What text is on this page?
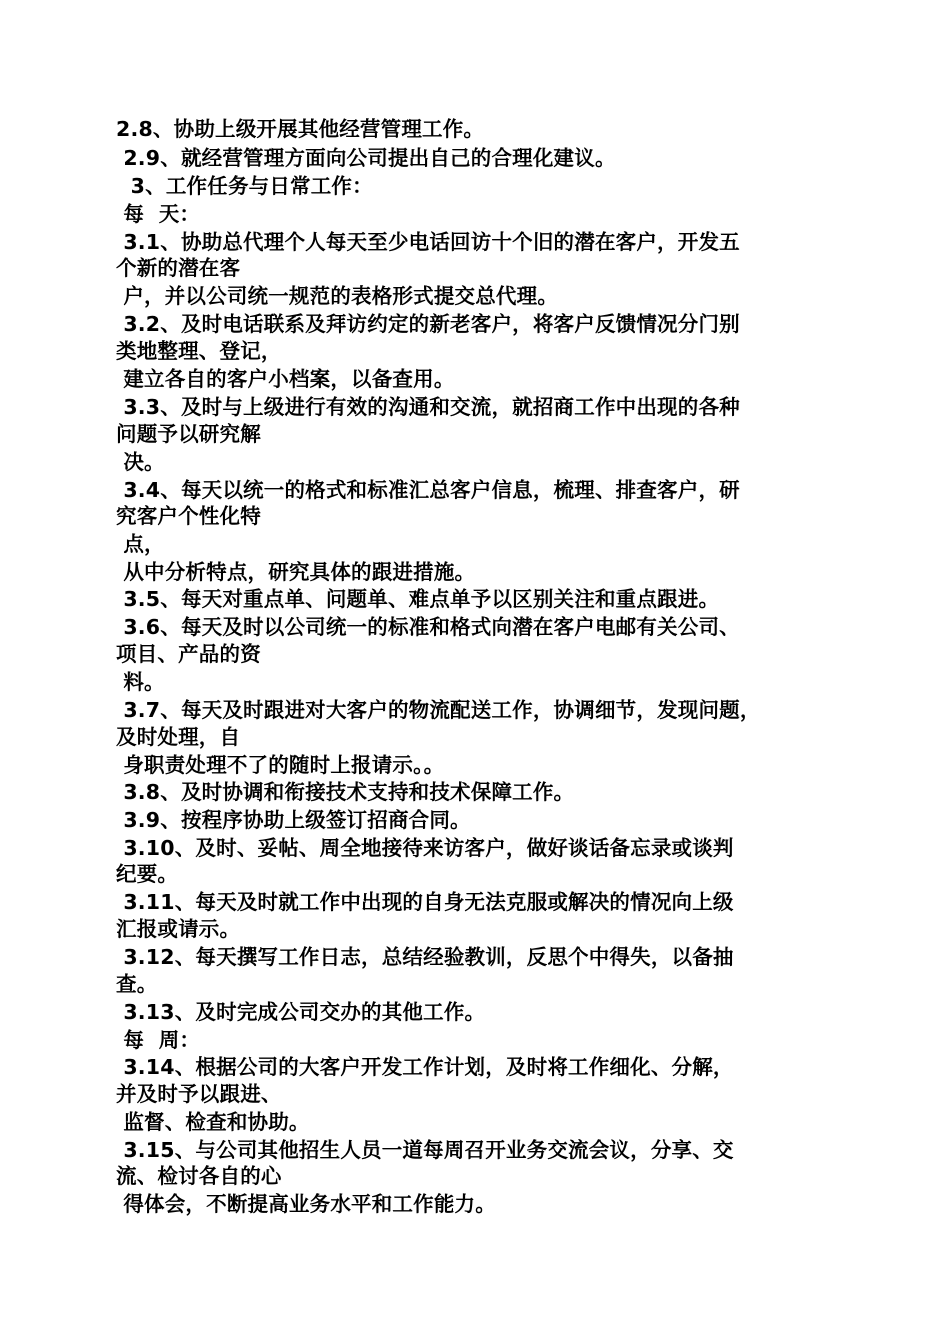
2.8、协助上级开展其他经营管理工作。
2.9、就经营管理方面向公司提出自己的合理化建议。
3、工作任务与日常工作：
每  天：
3.1、协助总代理个人每天至少电话回访十个旧的潜在客户，开发五
个新的潜在客
户，并以公司统一规范的表格形式提交总代理。
3.2、及时电话联系及拜访约定的新老客户，将客户反馈情况分门别
类地整理、登记，
建立各自的客户小档案，以备查用。
3.3、及时与上级进行有效的沟通和交流，就招商工作中出现的各种
问题予以研究解
决。
3.4、每天以统一的格式和标准汇总客户信息，梳理、排查客户，研
究客户个性化特
点，
从中分析特点，研究具体的跟进措施。
3.5、每天对重点单、问题单、难点单予以区别关注和重点跟进。
3.6、每天及时以公司统一的标准和格式向潜在客户电邮有关公司、
项目、产品的资
料。
3.7、每天及时跟进对大客户的物流配送工作，协调细节，发现问题，
及时处理，自
身职责处理不了的随时上报请示。。
3.8、及时协调和衔接技术支持和技术保障工作。
3.9、按程序协助上级签订招商合同。
3.10、及时、妥帖、周全地接待来访客户，做好谈话备忘录或谈判
纪要。
3.11、每天及时就工作中出现的自身无法克服或解决的情况向上级
汇报或请示。
3.12、每天撰写工作日志，总结经验教训，反思个中得失，以备抽
查。
3.13、及时完成公司交办的其他工作。
每  周：
3.14、根据公司的大客户开发工作计划，及时将工作细化、分解，
并及时予以跟进、
监督、检查和协助。
3.15、与公司其他招生人员一道每周召开业务交流会议，分享、交
流、检讨各自的心
得体会，不断提高业务水平和工作能力。
